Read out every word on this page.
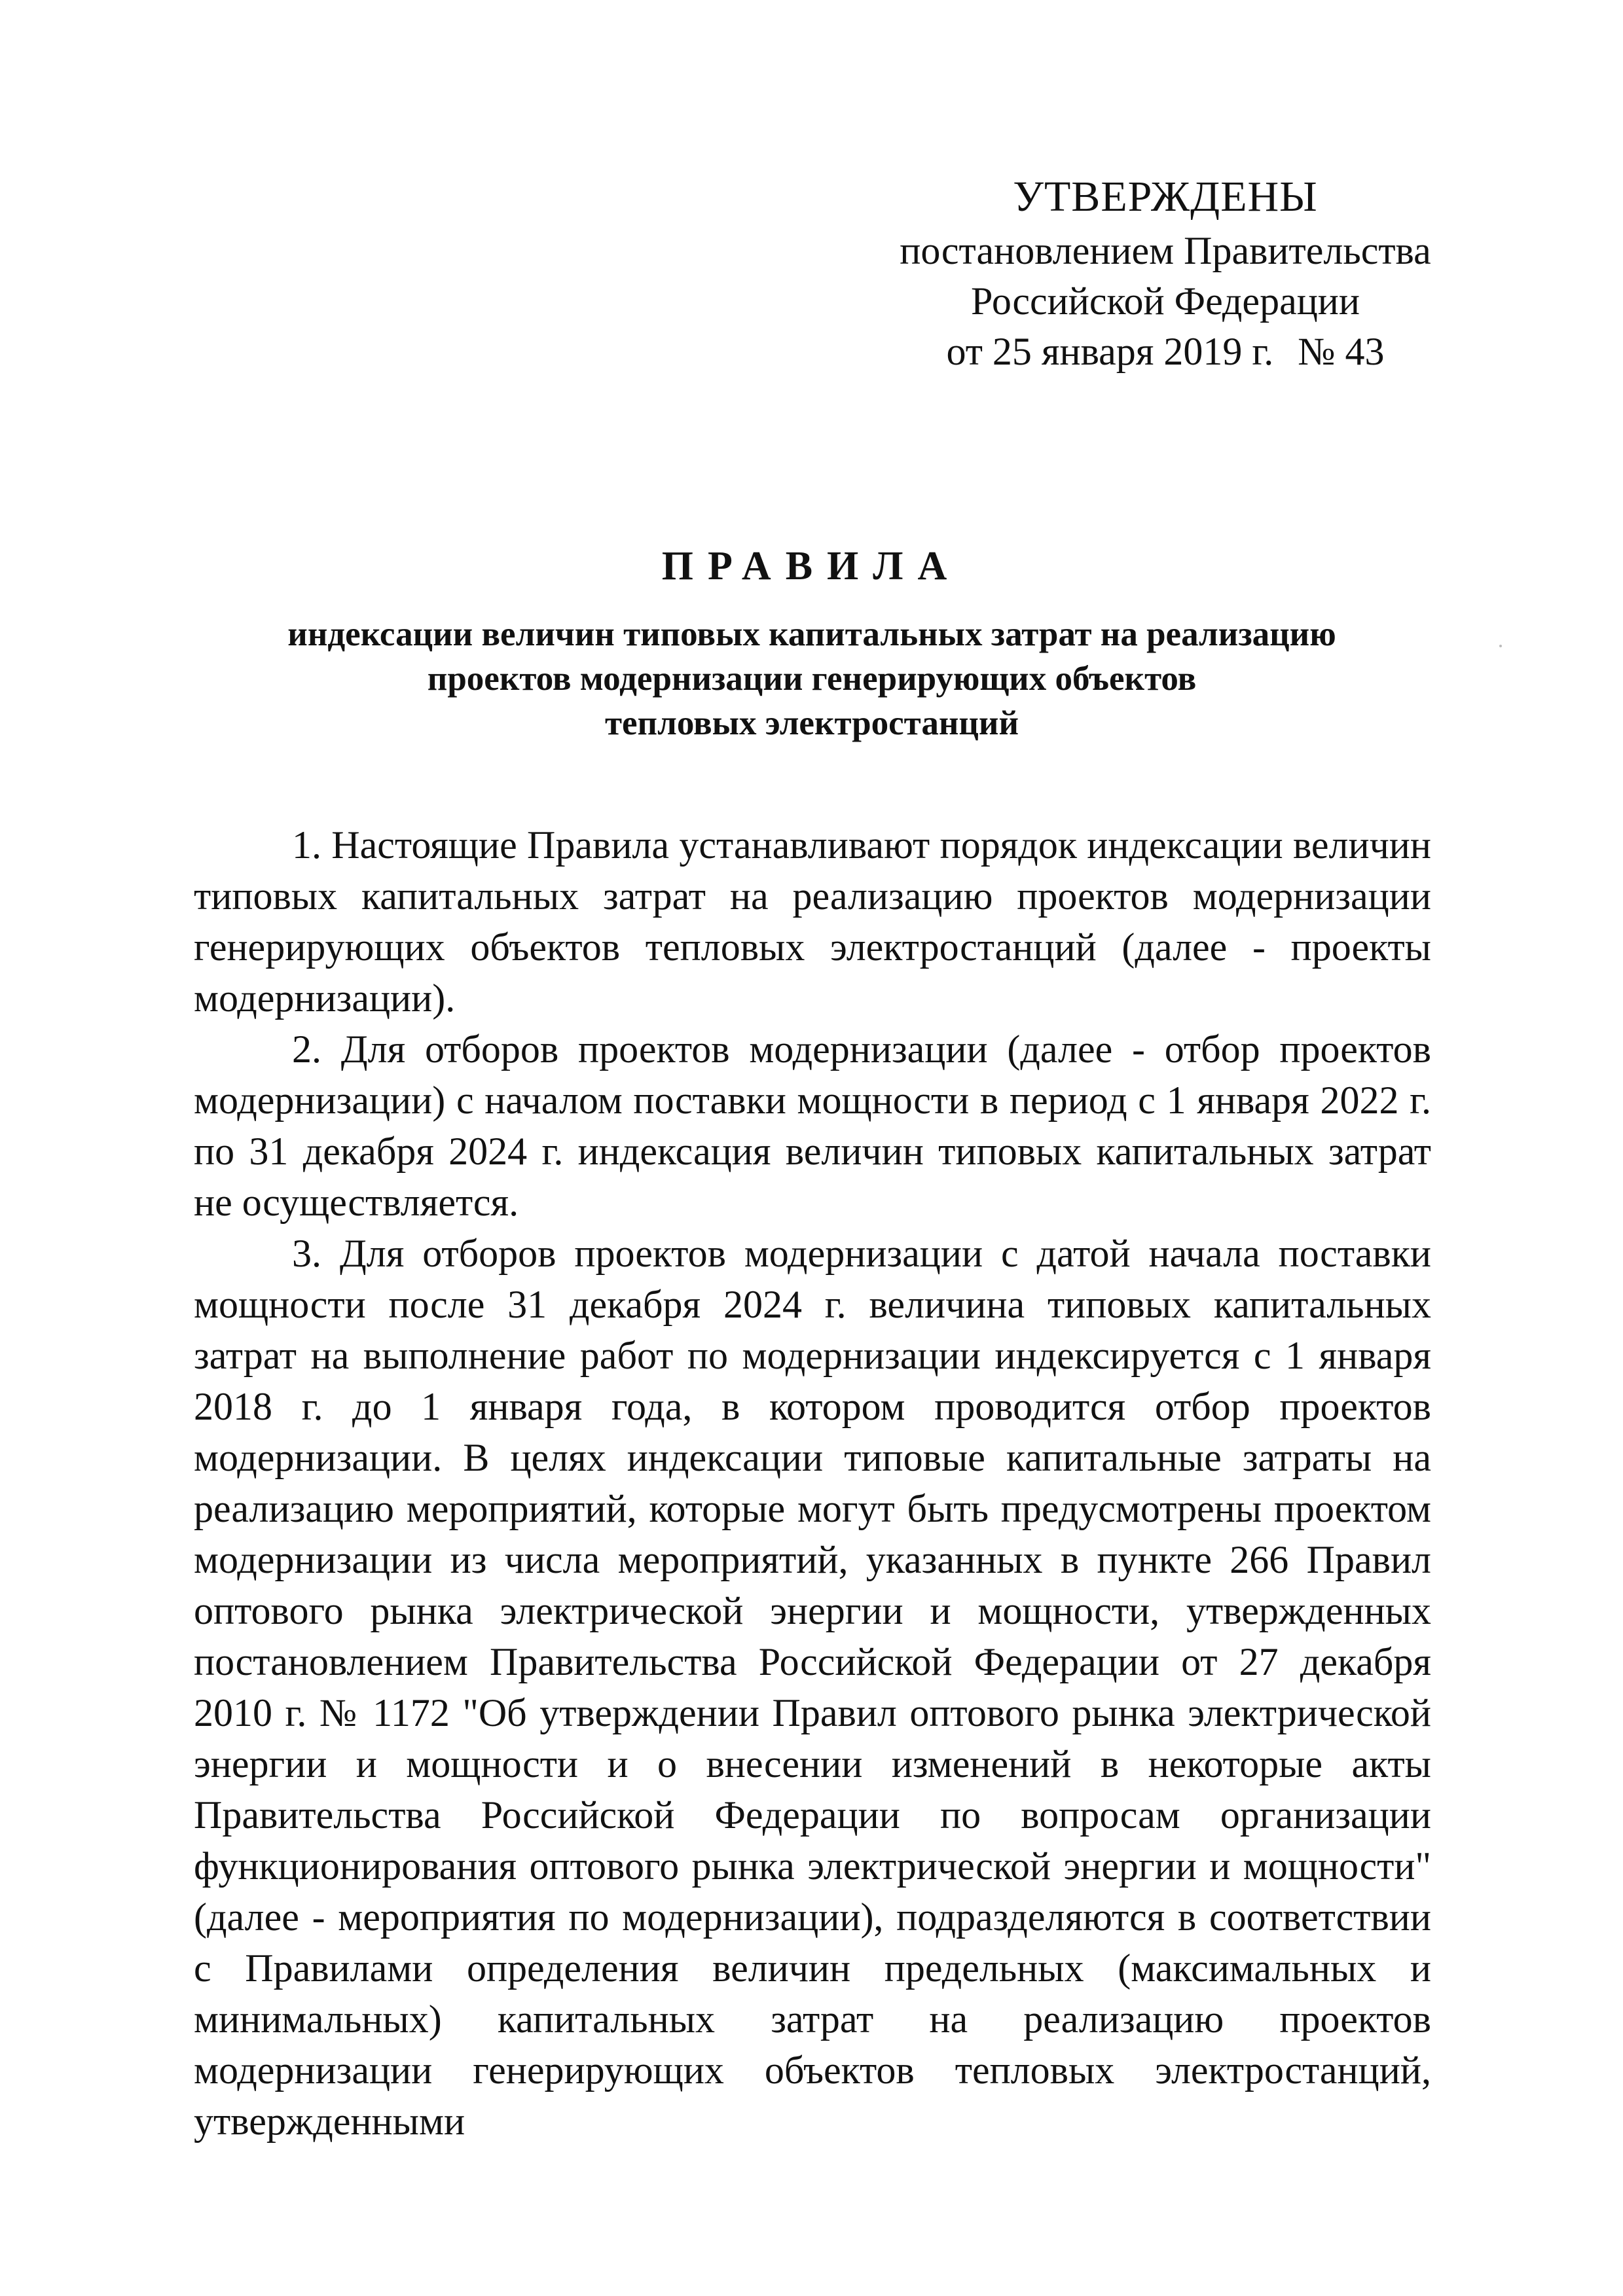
УТВЕРЖДЕНЫ
постановлением Правительства
Российской Федерации
от 25 января 2019 г. № 43
ПРАВИЛА
индексации величин типовых капитальных затрат на реализацию
проектов модернизации генерирующих объектов
тепловых электростанций

1. Настоящие Правила устанавливают порядок индексации величин типовых капитальных затрат на реализацию проектов модернизации генерирующих объектов тепловых электростанций (далее - проекты модернизации).

2. Для отборов проектов модернизации (далее - отбор проектов модернизации) с началом поставки мощности в период с 1 января 2022 г. по 31 декабря 2024 г. индексация величин типовых капитальных затрат не осуществляется.

3. Для отборов проектов модернизации с датой начала поставки мощности после 31 декабря 2024 г. величина типовых капитальных затрат на выполнение работ по модернизации индексируется с 1 января 2018 г. до 1 января года, в котором проводится отбор проектов модернизации. В целях индексации типовые капитальные затраты на реализацию мероприятий, которые могут быть предусмотрены проектом модернизации из числа мероприятий, указанных в пункте 266 Правил оптового рынка электрической энергии и мощности, утвержденных постановлением Правительства Российской Федерации от 27 декабря 2010 г. № 1172 "Об утверждении Правил оптового рынка электрической энергии и мощности и о внесении изменений в некоторые акты Правительства Российской Федерации по вопросам организации функционирования оптового рынка электрической энергии и мощности" (далее - мероприятия по модернизации), подразделяются в соответствии с Правилами определения величин предельных (максимальных и минимальных) капитальных затрат на реализацию проектов модернизации генерирующих объектов тепловых электростанций, утвержденными
